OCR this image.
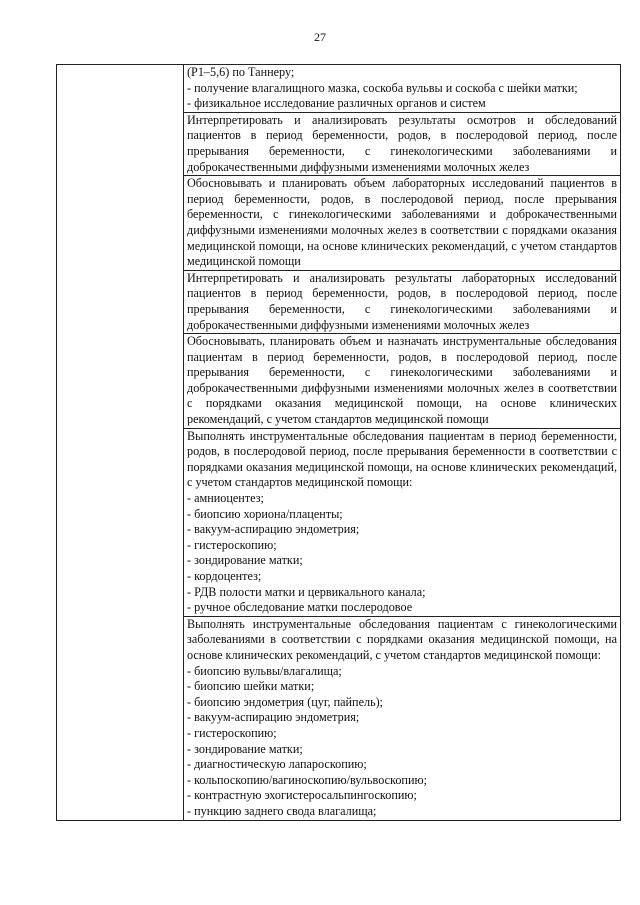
27

(P1–5,6) по Таннеру;
- получение влагалищного мазка, соскоба вульвы и соскоба с шейки матки;
- физикальное исследование различных органов и систем

Интерпретировать и анализировать результаты осмотров и обследований пациентов в период беременности, родов, в послеродовой период, после прерывания беременности, с гинекологическими заболеваниями и доброкачественными диффузными изменениями молочных желез

Обосновывать и планировать объем лабораторных исследований пациентов в период беременности, родов, в послеродовой период, после прерывания беременности, с гинекологическими заболеваниями и доброкачественными диффузными изменениями молочных желез в соответствии с порядками оказания медицинской помощи, на основе клинических рекомендаций, с учетом стандартов медицинской помощи

Интерпретировать и анализировать результаты лабораторных исследований пациентов в период беременности, родов, в послеродовой период, после прерывания беременности, с гинекологическими заболеваниями и доброкачественными диффузными изменениями молочных желез

Обосновывать, планировать объем и назначать инструментальные обследования пациентам в период беременности, родов, в послеродовой период, после прерывания беременности, с гинекологическими заболеваниями и доброкачественными диффузными изменениями молочных желез в соответствии с порядками оказания медицинской помощи, на основе клинических рекомендаций, с учетом стандартов медицинской помощи

Выполнять инструментальные обследования пациентам в период беременности, родов, в послеродовой период, после прерывания беременности в соответствии с порядками оказания медицинской помощи, на основе клинических рекомендаций, с учетом стандартов медицинской помощи:
- амниоцентез;
- биопсию хориона/плаценты;
- вакуум-аспирацию эндометрия;
- гистероскопию;
- зондирование матки;
- кордоцентез;
- РДВ полости матки и цервикального канала;
- ручное обследование матки послеродовое

Выполнять инструментальные обследования пациентам с гинекологическими заболеваниями в соответствии с порядками оказания медицинской помощи, на основе клинических рекомендаций, с учетом стандартов медицинской помощи:
- биопсию вульвы/влагалища;
- биопсию шейки матки;
- биопсию эндометрия (цуг, пайпель);
- вакуум-аспирацию эндометрия;
- гистероскопию;
- зондирование матки;
- диагностическую лапароскопию;
- кольпоскопию/вагиноскопию/вульвоскопию;
- контрастную эхогистеросальпингоскопию;
- пункцию заднего свода влагалища;
